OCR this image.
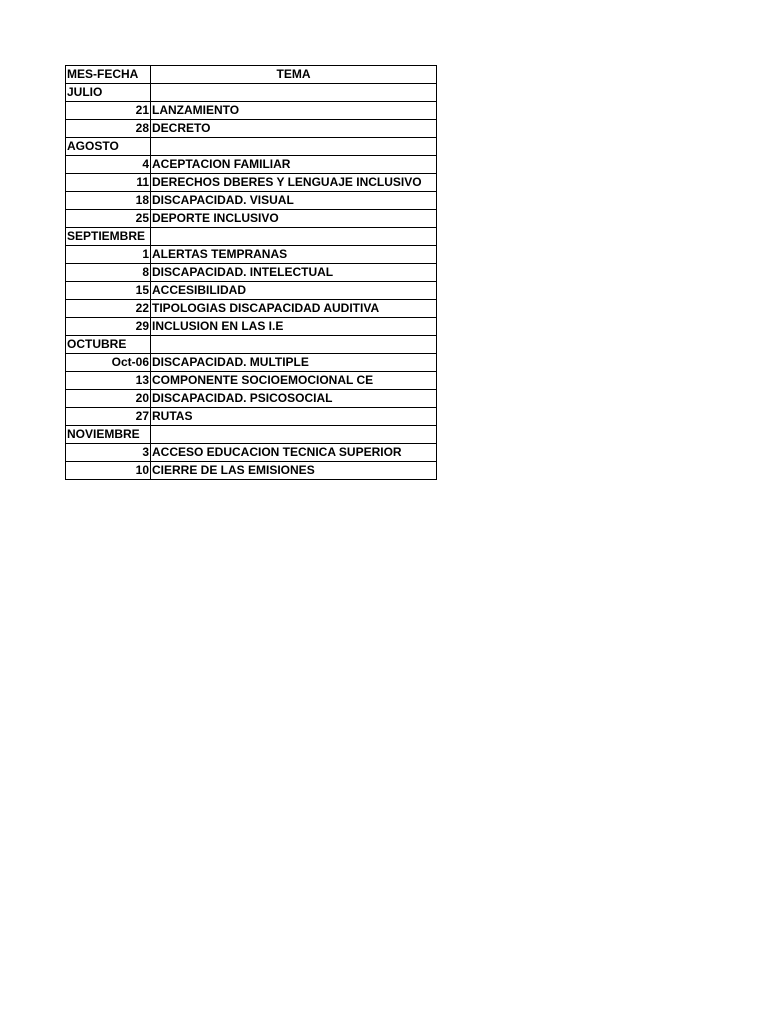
MES-FECHA	TEMA
JULIO	
21	LANZAMIENTO
28	DECRETO
AGOSTO	
4	ACEPTACION FAMILIAR
11	DERECHOS DBERES Y LENGUAJE INCLUSIVO
18	DISCAPACIDAD. VISUAL
25	DEPORTE INCLUSIVO
SEPTIEMBRE	
1	ALERTAS TEMPRANAS
8	DISCAPACIDAD. INTELECTUAL
15	ACCESIBILIDAD
22	TIPOLOGIAS DISCAPACIDAD AUDITIVA
29	INCLUSION EN LAS I.E
OCTUBRE	
Oct-06	DISCAPACIDAD. MULTIPLE
13	COMPONENTE SOCIOEMOCIONAL CE
20	DISCAPACIDAD. PSICOSOCIAL
27	RUTAS
NOVIEMBRE	
3	ACCESO EDUCACION TECNICA SUPERIOR
10	CIERRE DE LAS EMISIONES
